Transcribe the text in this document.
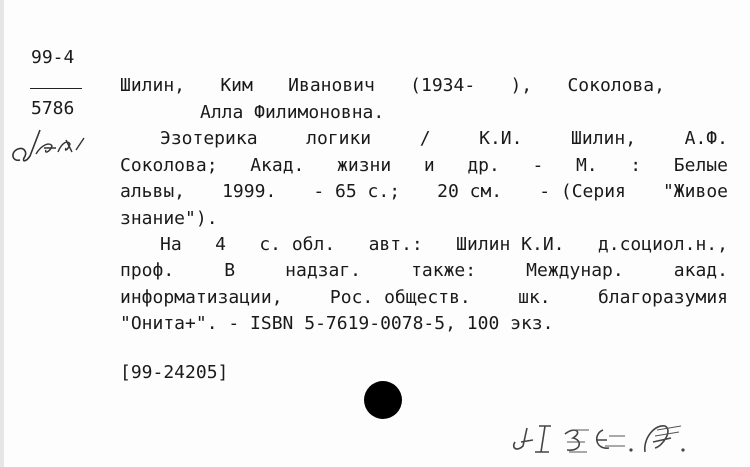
99-4
5786
Шилин, Ким Иванович (1934- ), Соколова,
Алла Филимоновна.
Эзотерика	логики	/	К.И.	Шилин,	А.Ф.
Соколова; Акад. жизни и др. - М. : Белые
альвы, 1999. - 65 с.; 20 см. - (Серия "Живое
знание").
На 4 с. обл. авт.: Шилин К.И. д.социол.н.,
проф.	В	надзаг.	также:	Междунар.	акад.
информатизации,	Рос. обществ.	шк.	благоразумия
"Онита+". - ISBN 5-7619-0078-5, 100 экз.
[99-24205]
